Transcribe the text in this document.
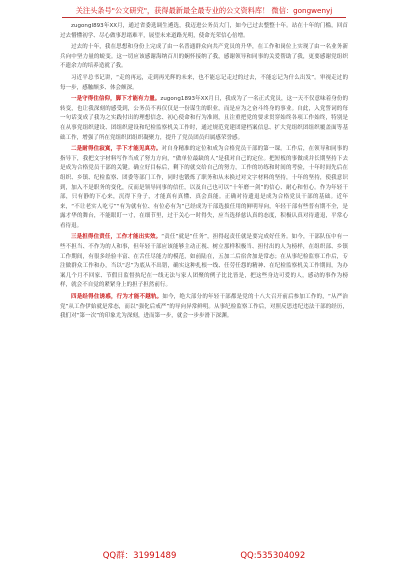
关注头条号"公文研究"，获得最新最全最专业的公文资料库！ 微信：gongwenyj

zugongl893年XX月，通过省委选调生遴选，我迈进公务员大门，如今已过去整整十年。站在十年的门槛，回首过去懵懂初学、尽心做事思绪难平，展望未来道路光明，使命光荣信心倍增。

过去的十年，我在思想和身份上完成了由一名普通群众向共产党员的升华，在工作和岗位上实现了由一名业务新兵向中坚力量的蜕变。这一切应该感谢海纳百川的娴怀接纳了我，感谢领导和同事的关爱帮助了我，更要感谢党组织不遗余力的培养造就了我。

习近平总书记讲，“走的再远，走到再光辉的未来，也不能忘记走过的过去，不能忘记为什么出发”。审视走过的每一步，感触颇多、体会颇深。

一是守得住信仰，脚下才能有力量。zugong1893年XX月日，我成为了一名正式党员，这一天不仅意味着身份的转变，也让我深刻的感受到，公务员不再仅仅是一份谋生的职业，而是应为之奋斗终身的事业。自此，入党誓词的每一句话变成了我为之实践付出的理想信念、初心使命和行为准则，且注重把党的要求贯穿始终各项工作始终，特别是在从事党组织建设、团组织建设和纪检监察机关工作时，通过规范党建团建档案信息、扩大党组织团组织覆盖面等基础工作，增强了所在党组织团组织凝聚力，提升了党员团员归属感荣誉感。

二是耐得住寂寞，手下才能见真功。对自身精准的定位和成为合格党员干部的第一课。工作后，在领导和同事的指导下，我把文字材料写作当成了努力方向，“做单位最缺的人”是我对自己的定位。把短板的事做成并长期坚持下去是成为合格党员干部的关键。确立好目标后，剩下的就交给自己的努力，工作的坊练和时间的考验，十年时间先后在组织、乡镇、纪检监察、团委等部门工作，同时也锻炼了职务和从未换过对文字材料的坚持，十年的坚持，使我意识到，加入不是职务的变化，反而是领导同事的信任，以及自己也可以“十年磨一剑”的信心、耐心和恒心。作为年轻干部，只有静的下心来，沉得下身子，才能真有真懂、真会真能。正确对待遗退是成为合格党员干部的基础。近年来，“不让老实人吃亏”“有为就有位、有位必有为”已经成为干部选拔任用的鲜明导向，年轻干部有些普有期不全，是露才华的舞台，不能眼盯一寸，在细节里，过于关心一时得失，应当选择慈认真的态度，积极认真对待遗退，平常心看待退。

三是担得住责任，工作才能出实效。“责任”就是“任务”，担得起责任就是要完成好任务。如今，干部队伍中有一些不担当、不作为的人和事，但年轻干部应该能够主动正视、树立那样积极当、担付出的人为榜样，在组织部、乡镇工作期间，有很多经验丰富、在舌任尽能力的模范，如前陆在，五加二后宿舍加是常态；在从事纪检监察工作后，专注做群众工作和办，当以“忍”为底从不出错，确实这种扎根一线、任劳任怨的精神、在纪检监察机关工作期间，为办案几个月不回家、节假日监督执纪在一线无法与家人团聚的例子比比皆是，把这些身边可爱的人，感动的事作为榜样，就会不自觉的紧紧身上的担子担然前行。

四是经得住诱惑，行为才能不越轨。如今，绝大部分的年轻干部都是党的十八大召开前后参加工作的，“从严治党”从工作伊始就是常态，而以“强化后戒严”的导向异常鲜明。从事纪检监察工作后，对照反思违纪违法干部的经历，我们对“第一次”的印象尤为深刻，进而第一步，就会一步步滑下深渊。

QQ群：31991489	QQ:535304092
